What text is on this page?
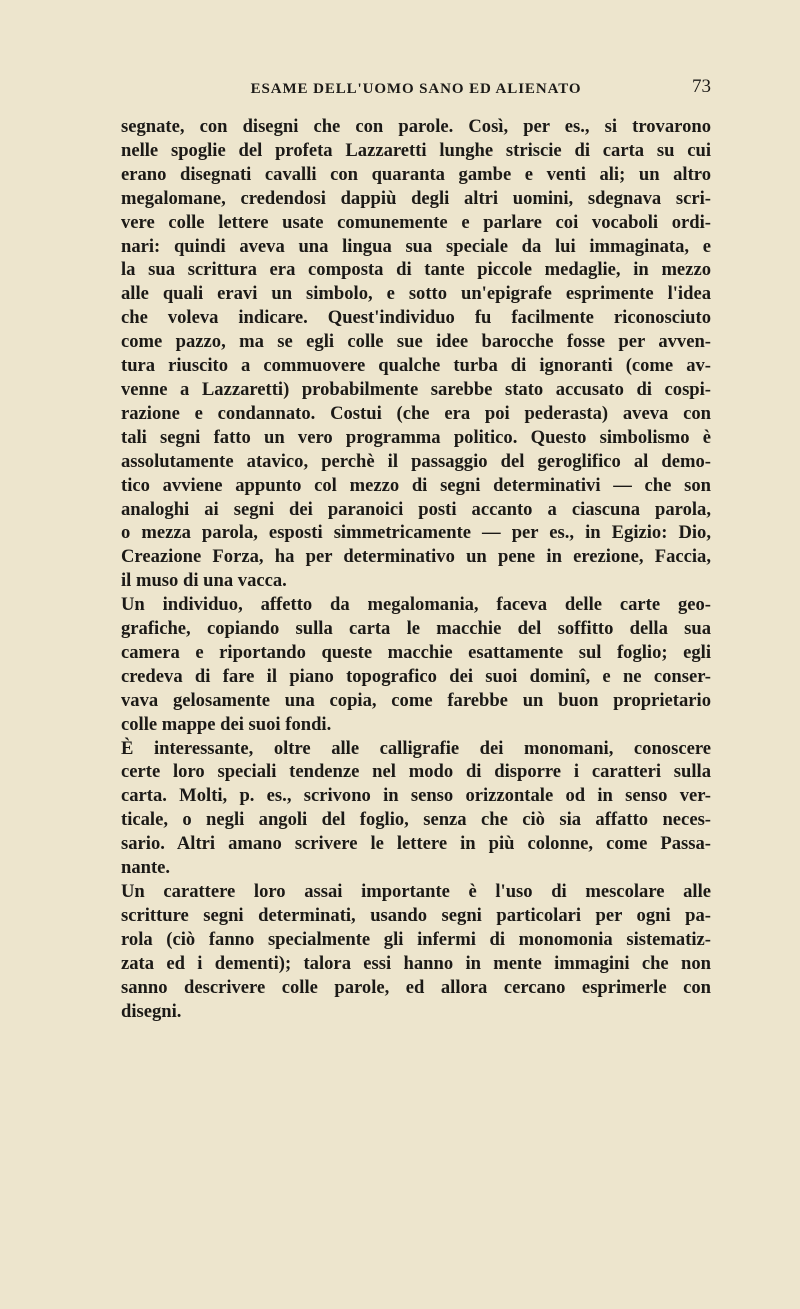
ESAME DELL'UOMO SANO ED ALIENATO	73

segnate, con disegni che con parole. Così, per es., si trovarono
nelle spoglie del profeta Lazzaretti lunghe striscie di carta su cui
erano disegnati cavalli con quaranta gambe e venti ali; un altro
megalomane, credendosi dappiù degli altri uomini, sdegnava scri-
vere colle lettere usate comunemente e parlare coi vocaboli ordi-
nari: quindi aveva una lingua sua speciale da lui immaginata, e
la sua scrittura era composta di tante piccole medaglie, in mezzo
alle quali eravi un simbolo, e sotto un'epigrafe esprimente l'idea
che voleva indicare. Quest'individuo fu facilmente riconosciuto
come pazzo, ma se egli colle sue idee barocche fosse per avven-
tura riuscito a commuovere qualche turba di ignoranti (come av-
venne a Lazzaretti) probabilmente sarebbe stato accusato di cospi-
razione e condannato. Costui (che era poi pederasta) aveva con
tali segni fatto un vero programma politico. Questo simbolismo è
assolutamente atavico, perchè il passaggio del geroglifico al demo-
tico avviene appunto col mezzo di segni determinativi — che son
analoghi ai segni dei paranoici posti accanto a ciascuna parola,
o mezza parola, esposti simmetricamente — per es., in Egizio: Dio,
Creazione Forza, ha per determinativo un pene in erezione, Faccia,
il muso di una vacca.

Un individuo, affetto da megalomania, faceva delle carte geo-
grafiche, copiando sulla carta le macchie del soffitto della sua
camera e riportando queste macchie esattamente sul foglio; egli
credeva di fare il piano topografico dei suoi dominî, e ne conser-
vava gelosamente una copia, come farebbe un buon proprietario
colle mappe dei suoi fondi.

È interessante, oltre alle calligrafie dei monomani, conoscere
certe loro speciali tendenze nel modo di disporre i caratteri sulla
carta. Molti, p. es., scrivono in senso orizzontale od in senso ver-
ticale, o negli angoli del foglio, senza che ciò sia affatto neces-
sario. Altri amano scrivere le lettere in più colonne, come Passa-
nante.

Un carattere loro assai importante è l'uso di mescolare alle
scritture segni determinati, usando segni particolari per ogni pa-
rola (ciò fanno specialmente gli infermi di monomonia sistematiz-
zata ed i dementi); talora essi hanno in mente immagini che non
sanno descrivere colle parole, ed allora cercano esprimerle con
disegni.
